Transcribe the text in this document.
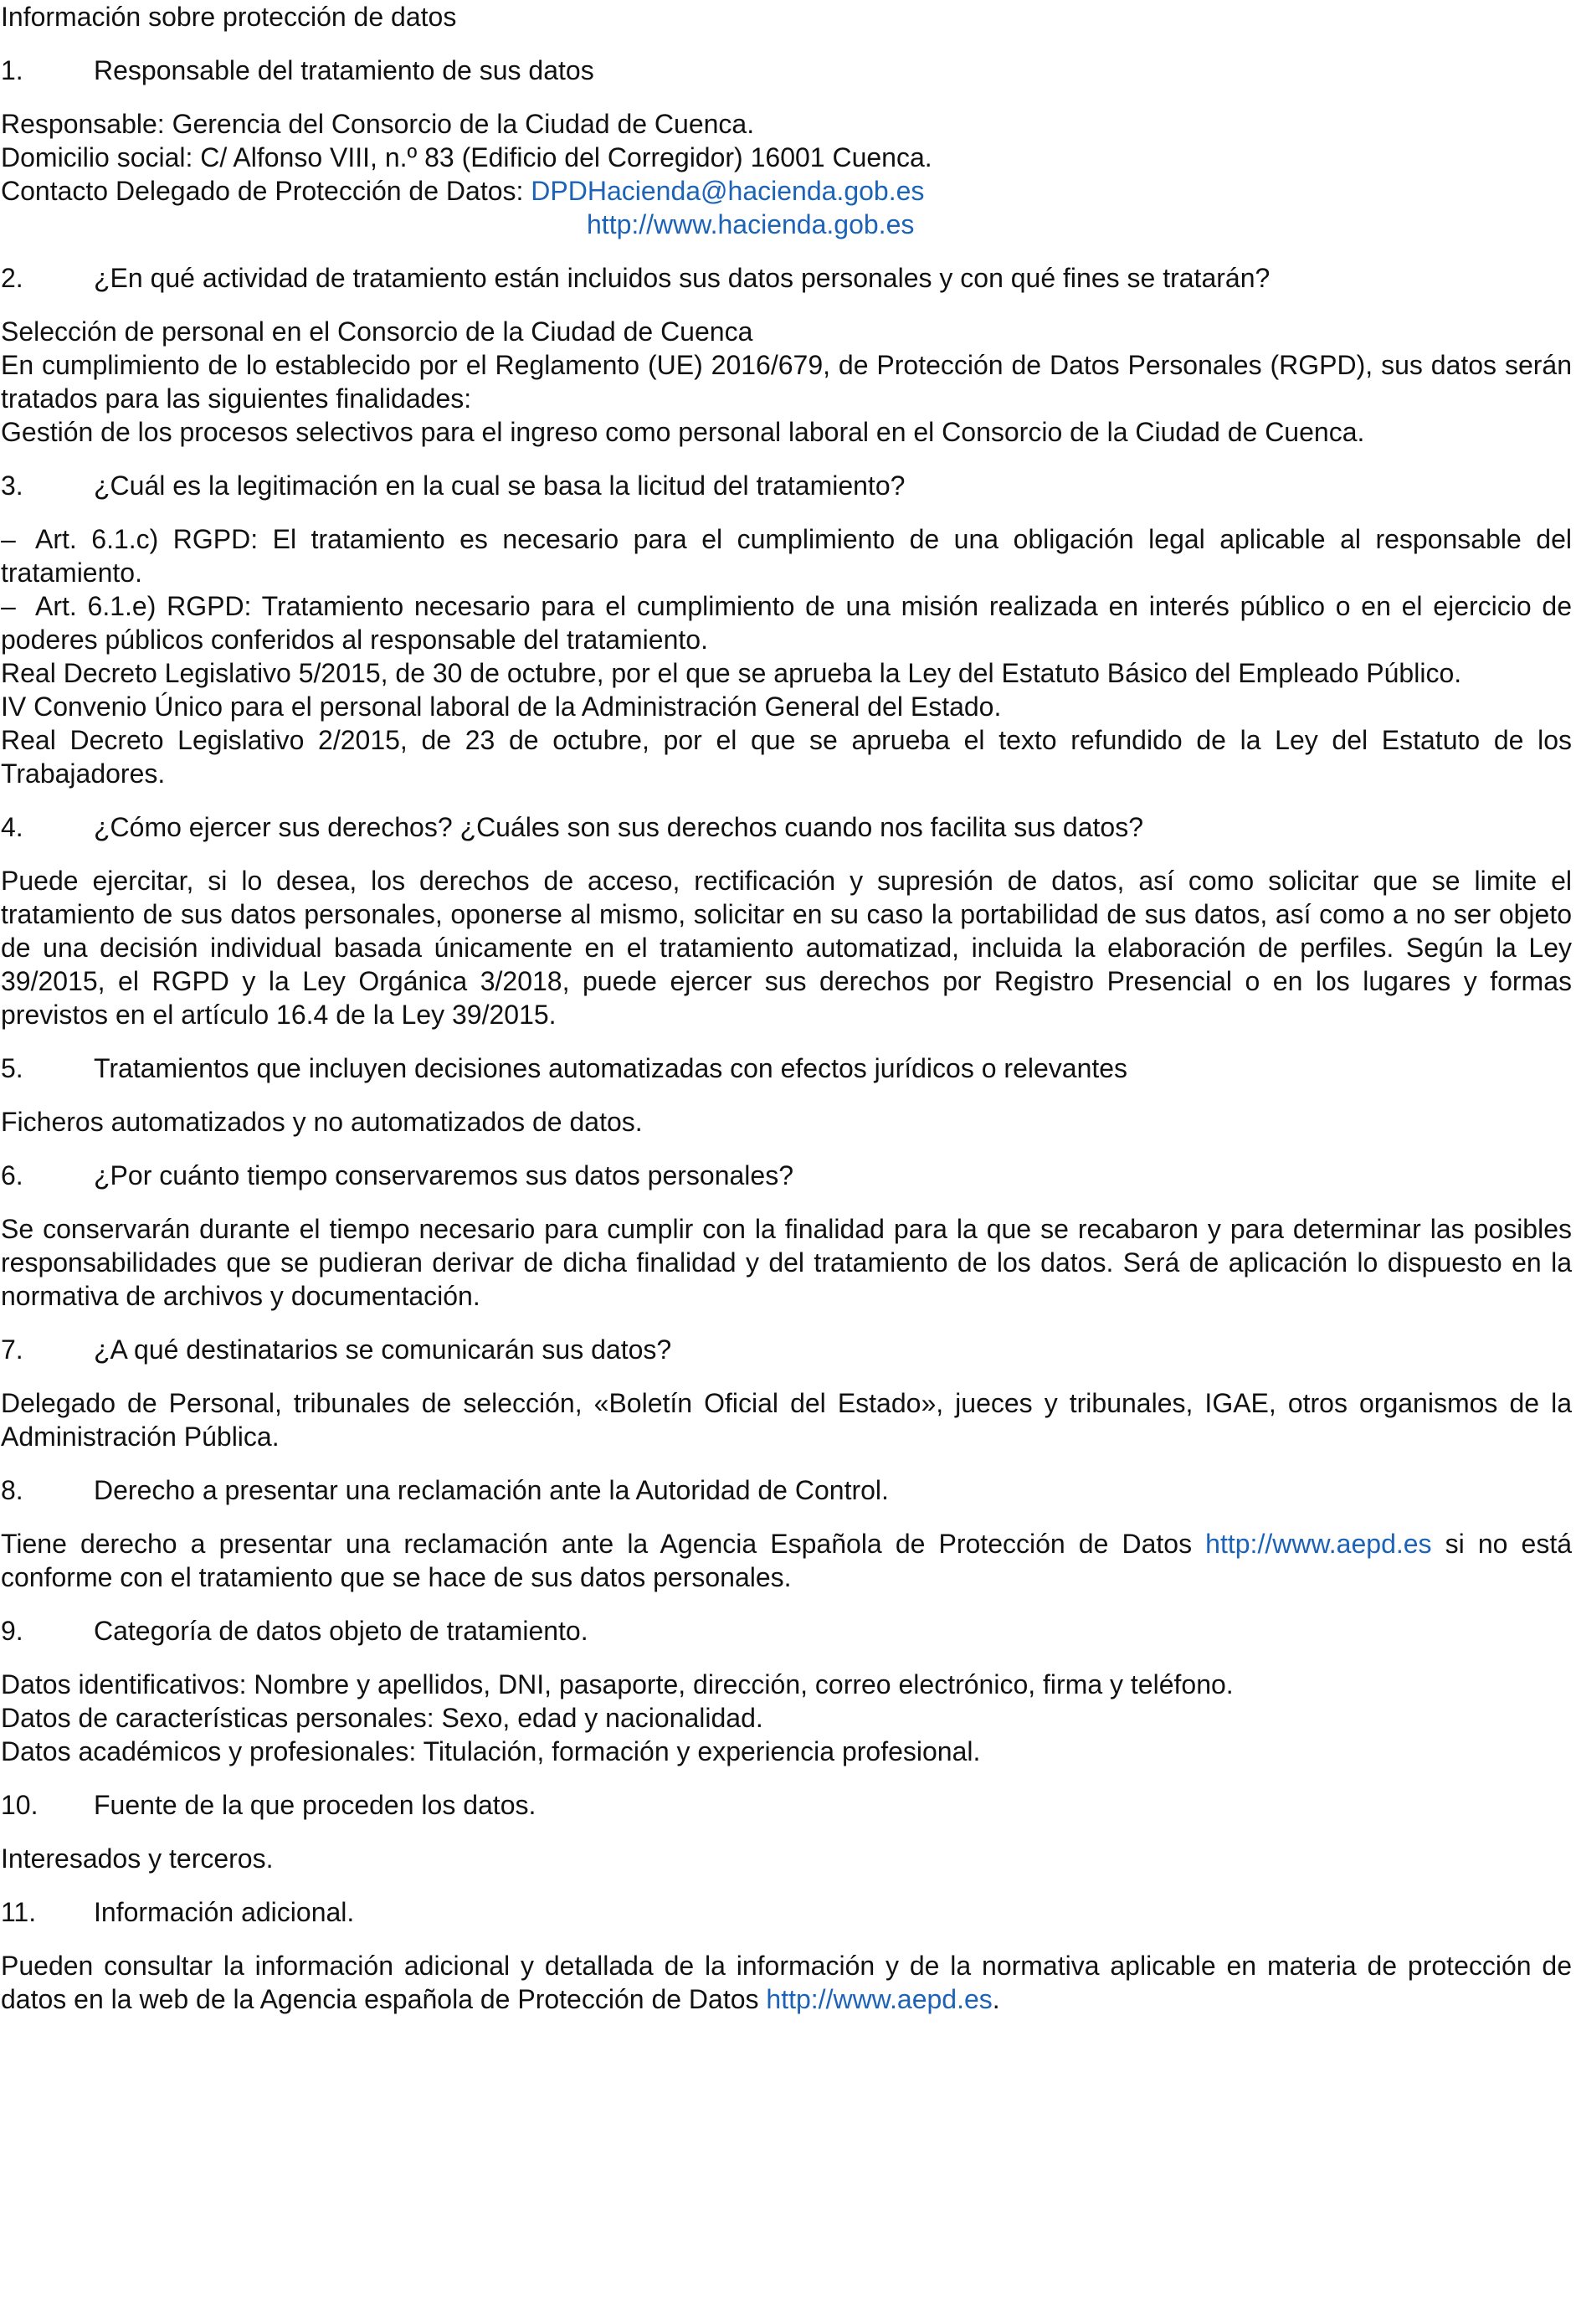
Información sobre protección de datos
1.	Responsable del tratamiento de sus datos

Responsable: Gerencia del Consorcio de la Ciudad de Cuenca.

Domicilio social: C/ Alfonso VIII, n.º 83 (Edificio del Corregidor) 16001 Cuenca.

Contacto Delegado de Protección de Datos: DPDHacienda@hacienda.gob.es

http://www.hacienda.gob.es

2.	¿En qué actividad de tratamiento están incluidos sus datos personales y con qué fines se tratarán?

Selección de personal en el Consorcio de la Ciudad de Cuenca

En cumplimiento de lo establecido por el Reglamento (UE) 2016/679, de Protección de Datos Personales (RGPD), sus datos serán tratados para las siguientes finalidades:

Gestión de los procesos selectivos para el ingreso como personal laboral en el Consorcio de la Ciudad de Cuenca.

3.	¿Cuál es la legitimación en la cual se basa la licitud del tratamiento?

– Art. 6.1.c) RGPD: El tratamiento es necesario para el cumplimiento de una obligación legal aplicable al responsable del tratamiento.

– Art. 6.1.e) RGPD: Tratamiento necesario para el cumplimiento de una misión realizada en interés público o en el ejercicio de poderes públicos conferidos al responsable del tratamiento.

Real Decreto Legislativo 5/2015, de 30 de octubre, por el que se aprueba la Ley del Estatuto Básico del Empleado Público.

IV Convenio Único para el personal laboral de la Administración General del Estado.

Real Decreto Legislativo 2/2015, de 23 de octubre, por el que se aprueba el texto refundido de la Ley del Estatuto de los Trabajadores.

4.	¿Cómo ejercer sus derechos? ¿Cuáles son sus derechos cuando nos facilita sus datos?

Puede ejercitar, si lo desea, los derechos de acceso, rectificación y supresión de datos, así como solicitar que se limite el tratamiento de sus datos personales, oponerse al mismo, solicitar en su caso la portabilidad de sus datos, así como a no ser objeto de una decisión individual basada únicamente en el tratamiento automatizad, incluida la elaboración de perfiles. Según la Ley 39/2015, el RGPD y la Ley Orgánica 3/2018, puede ejercer sus derechos por Registro Presencial o en los lugares y formas previstos en el artículo 16.4 de la Ley 39/2015.

5.	Tratamientos que incluyen decisiones automatizadas con efectos jurídicos o relevantes

Ficheros automatizados y no automatizados de datos.

6.	¿Por cuánto tiempo conservaremos sus datos personales?

Se conservarán durante el tiempo necesario para cumplir con la finalidad para la que se recabaron y para determinar las posibles responsabilidades que se pudieran derivar de dicha finalidad y del tratamiento de los datos. Será de aplicación lo dispuesto en la normativa de archivos y documentación.

7.	¿A qué destinatarios se comunicarán sus datos?

Delegado de Personal, tribunales de selección, «Boletín Oficial del Estado», jueces y tribunales, IGAE, otros organismos de la Administración Pública.

8.	Derecho a presentar una reclamación ante la Autoridad de Control.

Tiene derecho a presentar una reclamación ante la Agencia Española de Protección de Datos http://www.aepd.es si no está conforme con el tratamiento que se hace de sus datos personales.

9.	Categoría de datos objeto de tratamiento.

Datos identificativos: Nombre y apellidos, DNI, pasaporte, dirección, correo electrónico, firma y teléfono.

Datos de características personales: Sexo, edad y nacionalidad.

Datos académicos y profesionales: Titulación, formación y experiencia profesional.

10.	Fuente de la que proceden los datos.

Interesados y terceros.

11.	Información adicional.

Pueden consultar la información adicional y detallada de la información y de la normativa aplicable en materia de protección de datos en la web de la Agencia española de Protección de Datos http://www.aepd.es.
